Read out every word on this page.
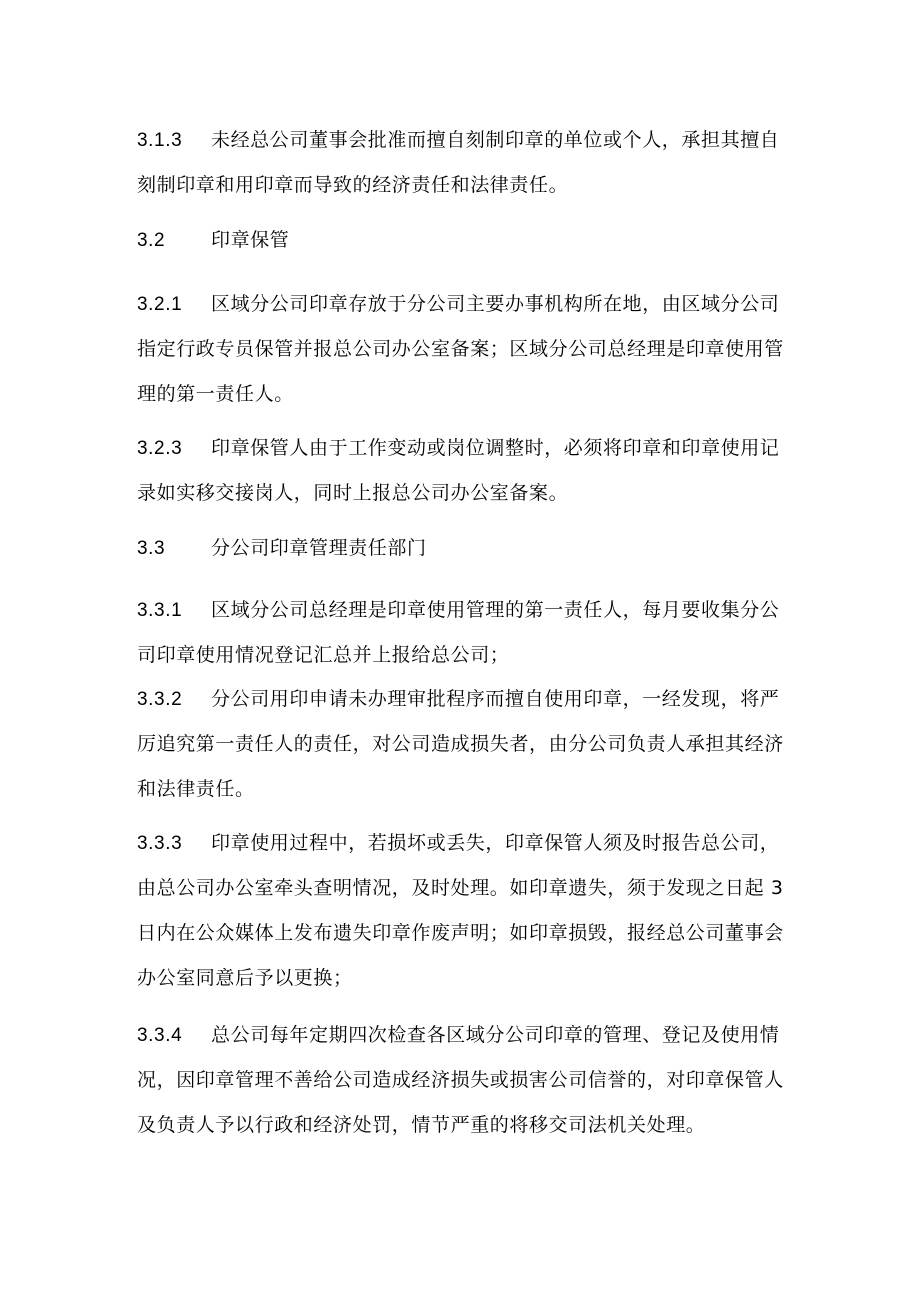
3.1.3 未经总公司董事会批准而擅自刻制印章的单位或个人，承担其擅自刻制印章和用印章而导致的经济责任和法律责任。

3.2 印章保管

3.2.1 区域分公司印章存放于分公司主要办事机构所在地，由区域分公司指定行政专员保管并报总公司办公室备案；区域分公司总经理是印章使用管理的第一责任人。

3.2.3 印章保管人由于工作变动或岗位调整时，必须将印章和印章使用记录如实移交接岗人，同时上报总公司办公室备案。

3.3 分公司印章管理责任部门

3.3.1 区域分公司总经理是印章使用管理的第一责任人，每月要收集分公司印章使用情况登记汇总并上报给总公司；

3.3.2 分公司用印申请未办理审批程序而擅自使用印章，一经发现，将严厉追究第一责任人的责任，对公司造成损失者，由分公司负责人承担其经济和法律责任。

3.3.3 印章使用过程中，若损坏或丢失，印章保管人须及时报告总公司，由总公司办公室牵头查明情况，及时处理。如印章遗失，须于发现之日起 3 日内在公众媒体上发布遗失印章作废声明；如印章损毁，报经总公司董事会办公室同意后予以更换；

3.3.4 总公司每年定期四次检查各区域分公司印章的管理、登记及使用情况，因印章管理不善给公司造成经济损失或损害公司信誉的，对印章保管人及负责人予以行政和经济处罚，情节严重的将移交司法机关处理。
